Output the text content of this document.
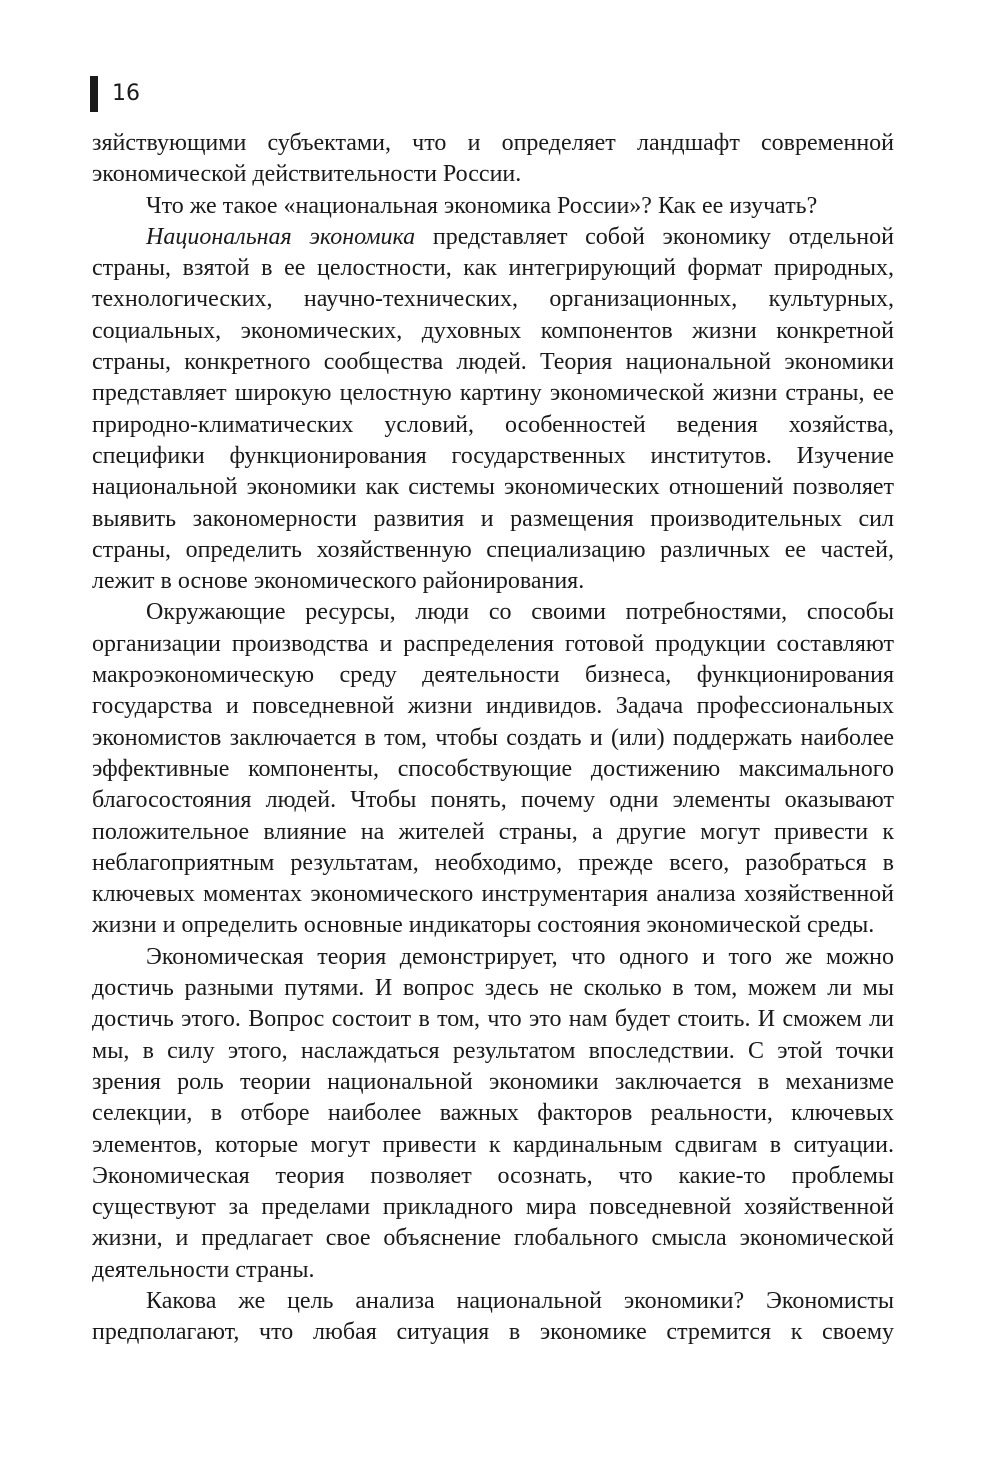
16

зяйствующими субъектами, что и определяет ландшафт современной экономической действительности России.

Что же такое «национальная экономика России»? Как ее изучать?

Национальная экономика представляет собой экономику отдельной страны, взятой в ее целостности, как интегрирующий формат природных, технологических, научно-технических, организационных, культурных, социальных, экономических, духовных компонентов жизни конкретной страны, конкретного сообщества людей. Теория национальной экономики представляет широкую целостную картину экономической жизни страны, ее природно-климатических условий, особенностей ведения хозяйства, специфики функционирования государственных институтов. Изучение национальной экономики как системы экономических отношений позволяет выявить закономерности развития и размещения производительных сил страны, определить хозяйственную специализацию различных ее частей, лежит в основе экономического районирования.

Окружающие ресурсы, люди со своими потребностями, способы организации производства и распределения готовой продукции составляют макроэкономическую среду деятельности бизнеса, функционирования государства и повседневной жизни индивидов. Задача профессиональных экономистов заключается в том, чтобы создать и (или) поддержать наиболее эффективные компоненты, способствующие достижению максимального благосостояния людей. Чтобы понять, почему одни элементы оказывают положительное влияние на жителей страны, а другие могут привести к неблагоприятным результатам, необходимо, прежде всего, разобраться в ключевых моментах экономического инструментария анализа хозяйственной жизни и определить основные индикаторы состояния экономической среды.

Экономическая теория демонстрирует, что одного и того же можно достичь разными путями. И вопрос здесь не сколько в том, можем ли мы достичь этого. Вопрос состоит в том, что это нам будет стоить. И сможем ли мы, в силу этого, наслаждаться результатом впоследствии. С этой точки зрения роль теории национальной экономики заключается в механизме селекции, в отборе наиболее важных факторов реальности, ключевых элементов, которые могут привести к кардинальным сдвигам в ситуации. Экономическая теория позволяет осознать, что какие-то проблемы существуют за пределами прикладного мира повседневной хозяйственной жизни, и предлагает свое объяснение глобального смысла экономической деятельности страны.

Какова же цель анализа национальной экономики? Экономисты предполагают, что любая ситуация в экономике стремится к своему
